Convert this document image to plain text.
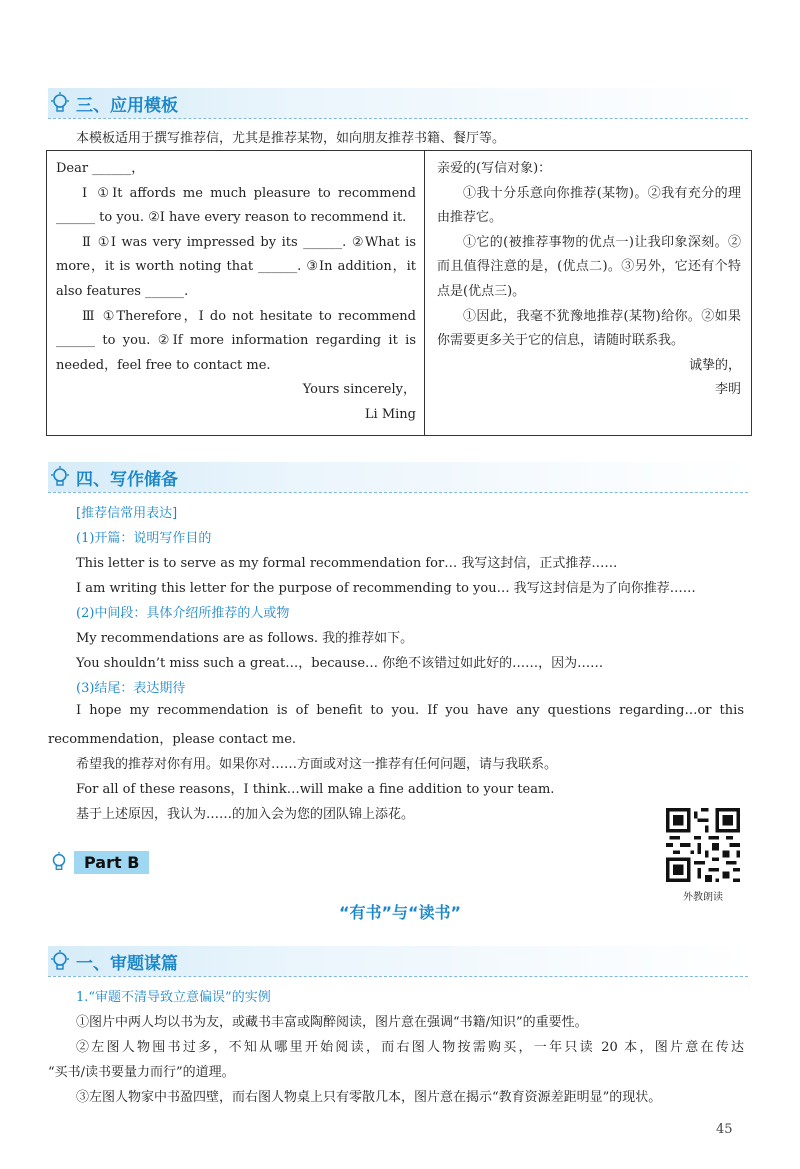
三、应用模板
本模板适用于撰写推荐信，尤其是推荐某物，如向朋友推荐书籍、餐厅等。

Dear ______，

Ⅰ ①It affords me much pleasure to recommend ______ to you. ②I have every reason to recommend it.

Ⅱ ①I was very impressed by its ______. ②What is more，it is worth noting that ______. ③In addition，it also features ______.

Ⅲ ①Therefore，I do not hesitate to recommend ______ to you. ②If more information regarding it is needed，feel free to contact me.

Yours sincerely，

Li Ming

亲爱的(写信对象)：

①我十分乐意向你推荐(某物)。②我有充分的理由推荐它。

①它的(被推荐事物的优点一)让我印象深刻。②而且值得注意的是，(优点二)。③另外，它还有个特点是(优点三)。

①因此，我毫不犹豫地推荐(某物)给你。②如果你需要更多关于它的信息，请随时联系我。

诚挚的，

李明

四、写作储备
[推荐信常用表达]
(1)开篇：说明写作目的
This letter is to serve as my formal recommendation for… 我写这封信，正式推荐……
I am writing this letter for the purpose of recommending to you… 我写这封信是为了向你推荐……
(2)中间段：具体介绍所推荐的人或物
My recommendations are as follows. 我的推荐如下。
You shouldn’t miss such a great…，because… 你绝不该错过如此好的……，因为……
(3)结尾：表达期待
I hope my recommendation is of benefit to you. If you have any questions regarding…or this
recommendation，please contact me.
希望我的推荐对你有用。如果你对……方面或对这一推荐有任何问题，请与我联系。
For all of these reasons，I think…will make a fine addition to your team.
基于上述原因，我认为……的加入会为您的团队锦上添花。
外教朗读
Part B
“有书”与“读书”
一、审题谋篇
1.“审题不清导致立意偏误”的实例
①图片中两人均以书为友，或藏书丰富或陶醉阅读，图片意在强调“书籍/知识”的重要性。
②左图人物囤书过多，不知从哪里开始阅读，而右图人物按需购买，一年只读 20 本，图片意在传达
“买书/读书要量力而行”的道理。
③左图人物家中书盈四壁，而右图人物桌上只有零散几本，图片意在揭示“教育资源差距明显”的现状。
45
